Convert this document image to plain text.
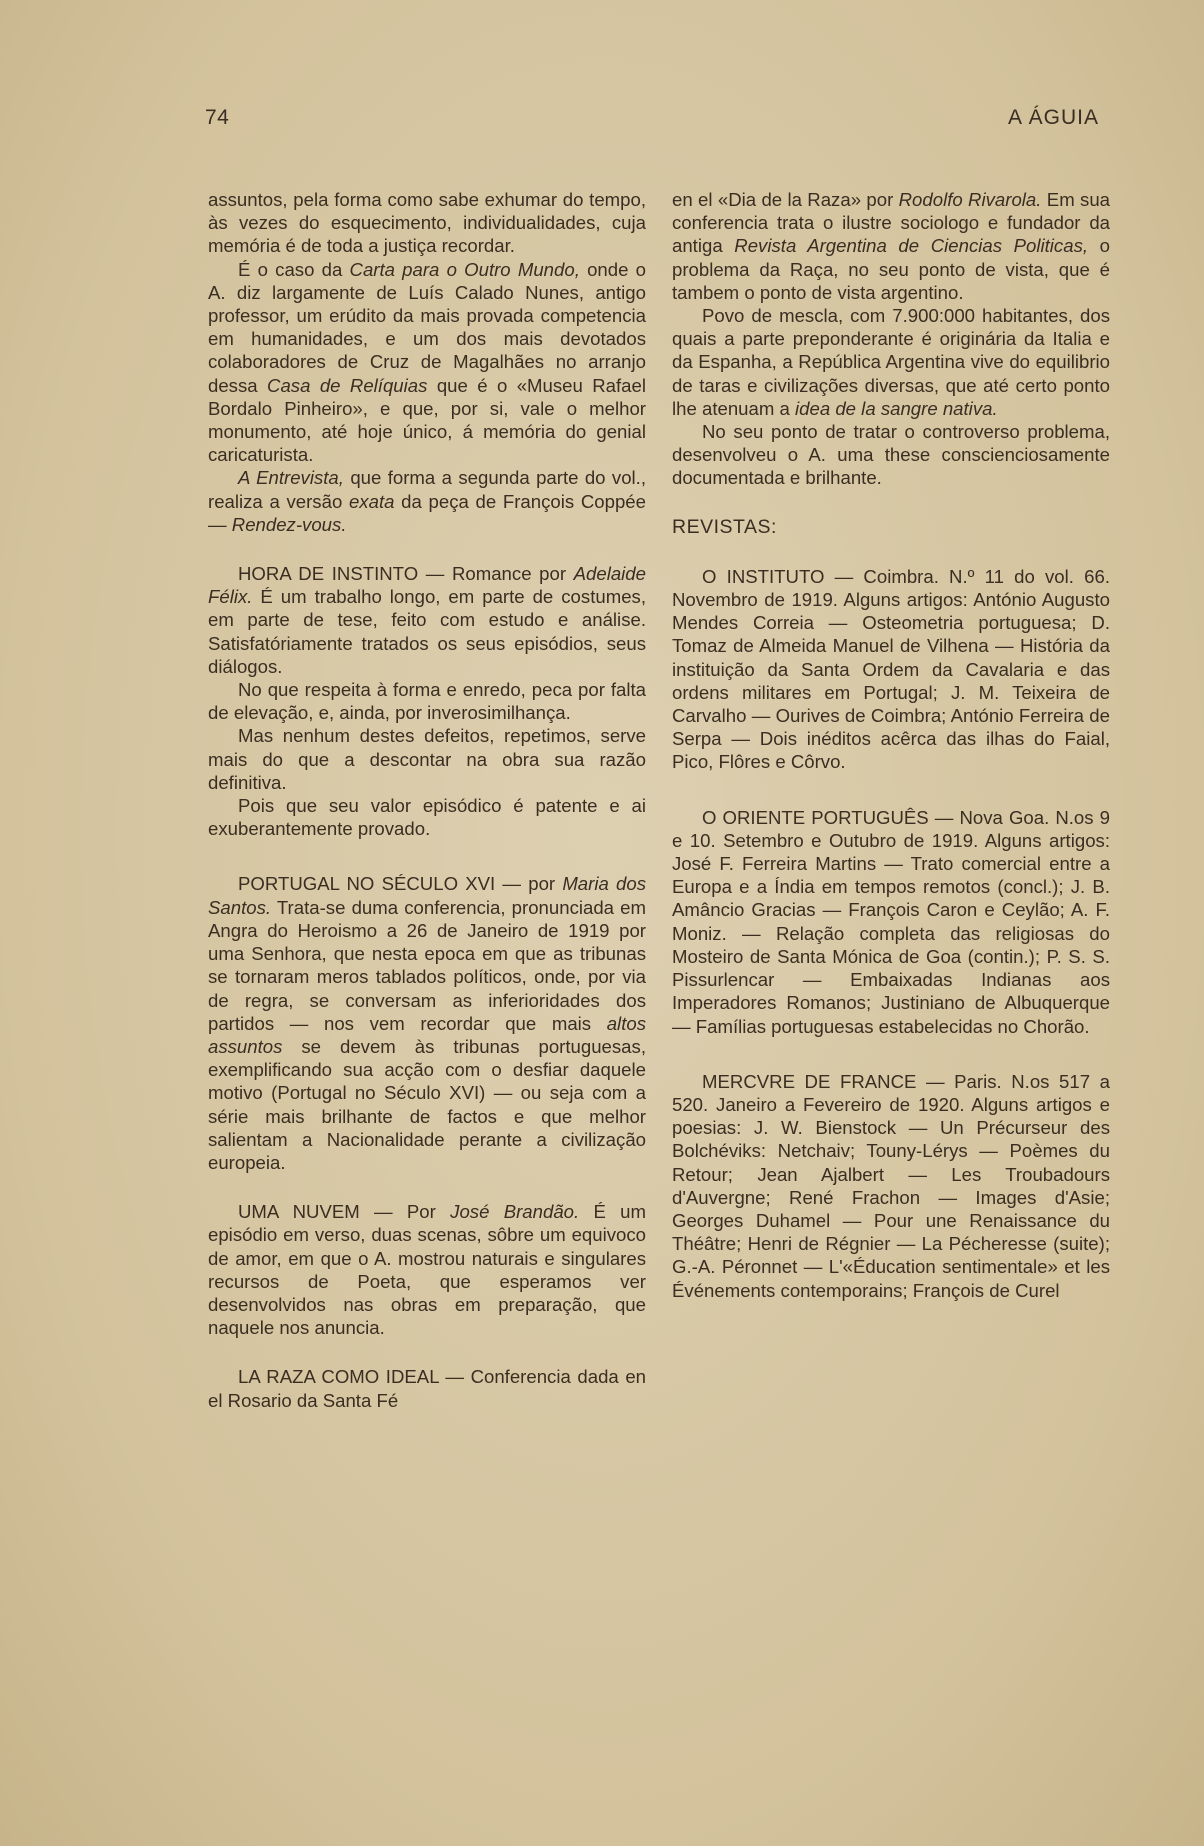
74	A ÁGUIA

assuntos, pela forma como sabe exhumar do tempo, às vezes do esquecimento, individualidades, cuja memória é de toda a justiça recordar.

É o caso da Carta para o Outro Mundo, onde o A. diz largamente de Luís Calado Nunes, antigo professor, um erúdito da mais provada competencia em humanidades, e um dos mais devotados colaboradores de Cruz de Magalhães no arranjo dessa Casa de Relíquias que é o «Museu Rafael Bordalo Pinheiro», e que, por si, vale o melhor monumento, até hoje único, á memória do genial caricaturista.

A Entrevista, que forma a segunda parte do vol., realiza a versão exata da peça de François Coppée — Rendez-vous.

HORA DE INSTINTO — Romance por Adelaide Félix. É um trabalho longo, em parte de costumes, em parte de tese, feito com estudo e análise. Satisfatóriamente tratados os seus episódios, seus diálogos.

No que respeita à forma e enredo, peca por falta de elevação, e, ainda, por inverosimilhança.

Mas nenhum destes defeitos, repetimos, serve mais do que a descontar na obra sua razão definitiva.

Pois que seu valor episódico é patente e ai exuberantemente provado.

PORTUGAL NO SÉCULO XVI — por Maria dos Santos. Trata-se duma conferencia, pronunciada em Angra do Heroismo a 26 de Janeiro de 1919 por uma Senhora, que nesta epoca em que as tribunas se tornaram meros tablados políticos, onde, por via de regra, se conversam as inferioridades dos partidos — nos vem recordar que mais altos assuntos se devem às tribunas portuguesas, exemplificando sua acção com o desfiar daquele motivo (Portugal no Século XVI) — ou seja com a série mais brilhante de factos e que melhor salientam a Nacionalidade perante a civilização europeia.

UMA NUVEM — Por José Brandão. É um episódio em verso, duas scenas, sôbre um equivoco de amor, em que o A. mostrou naturais e singulares recursos de Poeta, que esperamos ver desenvolvidos nas obras em preparação, que naquele nos anuncia.

LA RAZA COMO IDEAL — Conferencia dada en el Rosario da Santa Fé

en el «Dia de la Raza» por Rodolfo Rivarola. Em sua conferencia trata o ilustre sociologo e fundador da antiga Revista Argentina de Ciencias Politicas, o problema da Raça, no seu ponto de vista, que é tambem o ponto de vista argentino.

Povo de mescla, com 7.900:000 habitantes, dos quais a parte preponderante é originária da Italia e da Espanha, a República Argentina vive do equilibrio de taras e civilizações diversas, que até certo ponto lhe atenuam a idea de la sangre nativa.

No seu ponto de tratar o controverso problema, desenvolveu o A. uma these conscienciosamente documentada e brilhante.

REVISTAS:

O INSTITUTO — Coimbra. N.º 11 do vol. 66. Novembro de 1919. Alguns artigos: António Augusto Mendes Correia — Osteometria portuguesa; D. Tomaz de Almeida Manuel de Vilhena — História da instituição da Santa Ordem da Cavalaria e das ordens militares em Portugal; J. M. Teixeira de Carvalho — Ourives de Coimbra; António Ferreira de Serpa — Dois inéditos acêrca das ilhas do Faial, Pico, Flôres e Côrvo.

O ORIENTE PORTUGUÊS — Nova Goa. N.os 9 e 10. Setembro e Outubro de 1919. Alguns artigos: José F. Ferreira Martins — Trato comercial entre a Europa e a Índia em tempos remotos (concl.); J. B. Amâncio Gracias — François Caron e Ceylão; A. F. Moniz. — Relação completa das religiosas do Mosteiro de Santa Mónica de Goa (contin.); P. S. S. Pissurlencar — Embaixadas Indianas aos Imperadores Romanos; Justiniano de Albuquerque — Famílias portuguesas estabelecidas no Chorão.

MERCVRE DE FRANCE — Paris. N.os 517 a 520. Janeiro a Fevereiro de 1920. Alguns artigos e poesias: J. W. Bienstock — Un Précurseur des Bolchéviks: Netchaiv; Touny-Lérys — Poèmes du Retour; Jean Ajalbert — Les Troubadours d'Auvergne; René Frachon — Images d'Asie; Georges Duhamel — Pour une Renaissance du Théâtre; Henri de Régnier — La Pécheresse (suite); G.-A. Péronnet — L'«Éducation sentimentale» et les Événements contemporains; François de Curel
